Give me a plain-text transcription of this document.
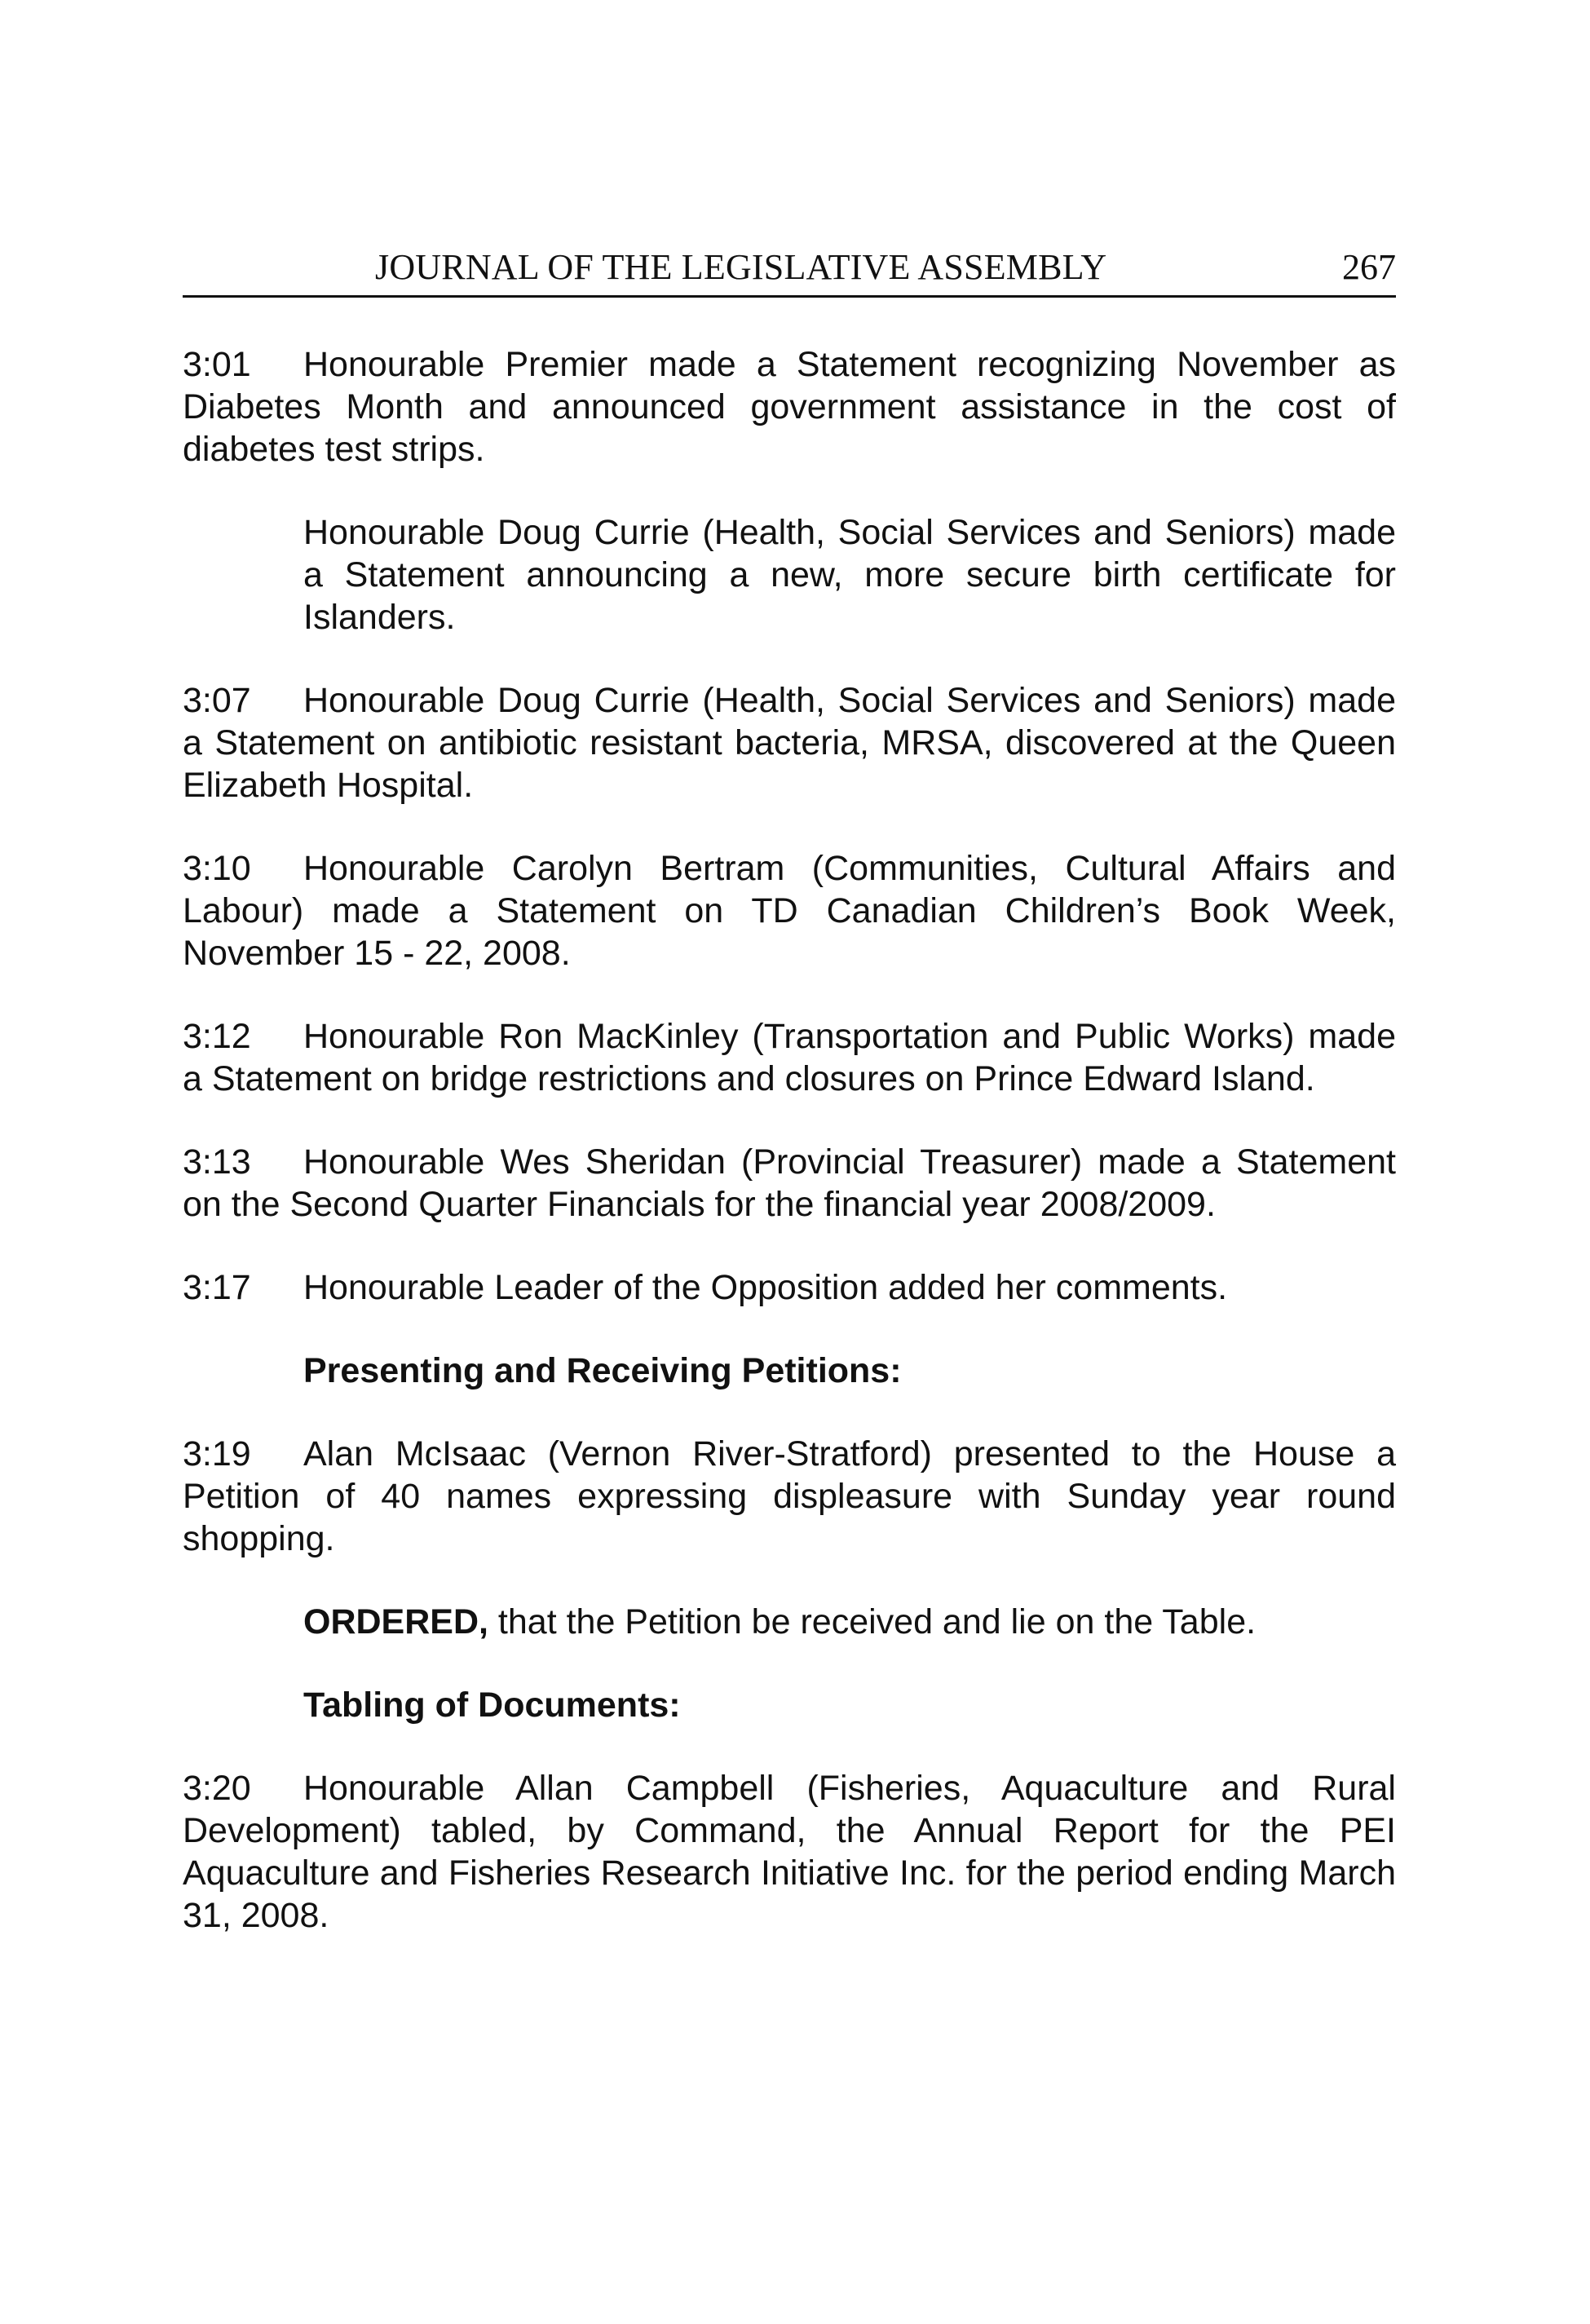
JOURNAL OF THE LEGISLATIVE ASSEMBLY	267

3:01 Honourable Premier made a Statement recognizing November as Diabetes Month and announced government assistance in the cost of diabetes test strips.

Honourable Doug Currie (Health, Social Services and Seniors) made a Statement announcing a new, more secure birth certificate for Islanders.

3:07 Honourable Doug Currie (Health, Social Services and Seniors) made a Statement on antibiotic resistant bacteria, MRSA, discovered at the Queen Elizabeth Hospital.

3:10 Honourable Carolyn Bertram (Communities, Cultural Affairs and Labour) made a Statement on TD Canadian Children’s Book Week, November 15 - 22, 2008.

3:12 Honourable Ron MacKinley (Transportation and Public Works) made a Statement on bridge restrictions and closures on Prince Edward Island.

3:13 Honourable Wes Sheridan (Provincial Treasurer) made a Statement on the Second Quarter Financials for the financial year 2008/2009.

3:17 Honourable Leader of the Opposition added her comments.

Presenting and Receiving Petitions:

3:19 Alan McIsaac (Vernon River-Stratford) presented to the House a Petition of 40 names expressing displeasure with Sunday year round shopping.

ORDERED, that the Petition be received and lie on the Table.

Tabling of Documents:

3:20 Honourable Allan Campbell (Fisheries, Aquaculture and Rural Development) tabled, by Command, the Annual Report for the PEI Aquaculture and Fisheries Research Initiative Inc. for the period ending March 31, 2008.
